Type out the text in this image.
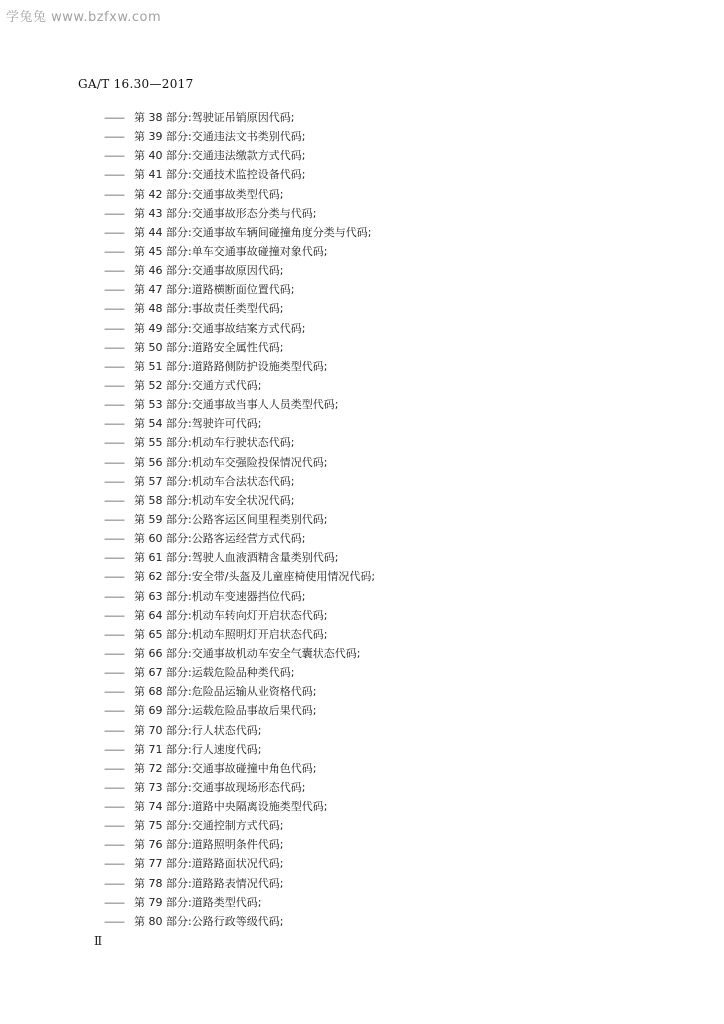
学兔兔 www.bzfxw.com
GA/T 16.30—2017
—— 第 38 部分:驾驶证吊销原因代码;
—— 第 39 部分:交通违法文书类别代码;
—— 第 40 部分:交通违法缴款方式代码;
—— 第 41 部分:交通技术监控设备代码;
—— 第 42 部分:交通事故类型代码;
—— 第 43 部分:交通事故形态分类与代码;
—— 第 44 部分:交通事故车辆间碰撞角度分类与代码;
—— 第 45 部分:单车交通事故碰撞对象代码;
—— 第 46 部分:交通事故原因代码;
—— 第 47 部分:道路横断面位置代码;
—— 第 48 部分:事故责任类型代码;
—— 第 49 部分:交通事故结案方式代码;
—— 第 50 部分:道路安全属性代码;
—— 第 51 部分:道路路侧防护设施类型代码;
—— 第 52 部分:交通方式代码;
—— 第 53 部分:交通事故当事人人员类型代码;
—— 第 54 部分:驾驶许可代码;
—— 第 55 部分:机动车行驶状态代码;
—— 第 56 部分:机动车交强险投保情况代码;
—— 第 57 部分:机动车合法状态代码;
—— 第 58 部分:机动车安全状况代码;
—— 第 59 部分:公路客运区间里程类别代码;
—— 第 60 部分:公路客运经营方式代码;
—— 第 61 部分:驾驶人血液酒精含量类别代码;
—— 第 62 部分:安全带/头盔及儿童座椅使用情况代码;
—— 第 63 部分:机动车变速器挡位代码;
—— 第 64 部分:机动车转向灯开启状态代码;
—— 第 65 部分:机动车照明灯开启状态代码;
—— 第 66 部分:交通事故机动车安全气囊状态代码;
—— 第 67 部分:运载危险品种类代码;
—— 第 68 部分:危险品运输从业资格代码;
—— 第 69 部分:运载危险品事故后果代码;
—— 第 70 部分:行人状态代码;
—— 第 71 部分:行人速度代码;
—— 第 72 部分:交通事故碰撞中角色代码;
—— 第 73 部分:交通事故现场形态代码;
—— 第 74 部分:道路中央隔离设施类型代码;
—— 第 75 部分:交通控制方式代码;
—— 第 76 部分:道路照明条件代码;
—— 第 77 部分:道路路面状况代码;
—— 第 78 部分:道路路表情况代码;
—— 第 79 部分:道路类型代码;
—— 第 80 部分:公路行政等级代码;
Ⅱ
